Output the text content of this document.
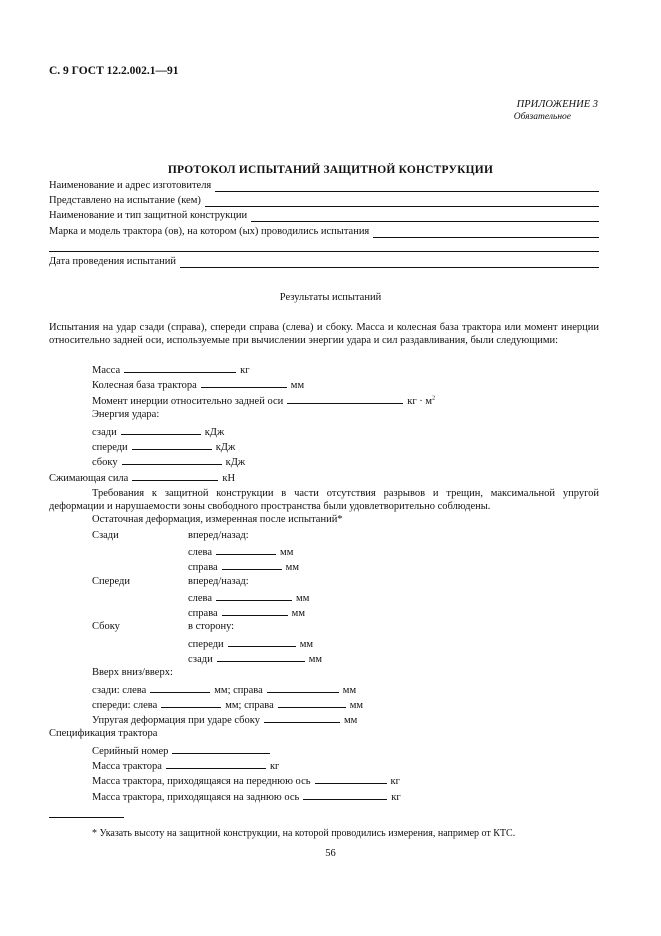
С. 9 ГОСТ 12.2.002.1—91
ПРИЛОЖЕНИЕ 3
Обязательное
ПРОТОКОЛ ИСПЫТАНИЙ ЗАЩИТНОЙ КОНСТРУКЦИИ
Наименование и адрес изготовителя
Представлено на испытание (кем)
Наименование и тип защитной конструкции
Марка и модель трактора (ов), на котором (ых) проводились испытания
Дата проведения испытаний
Результаты испытаний
Испытания на удар сзади (справа), спереди справа (слева) и сбоку. Масса и колесная база трактора или момент инерции относительно задней оси, используемые при вычислении энергии удара и сил раздавливания, были следующими:
Масса	кг
Колесная база трактора	мм
Момент инерции относительно задней оси	кг · $м^2$
Энергия удара:
сзади	кДж
спереди	кДж
сбоку	кДж
Сжимающая сила	кН
Требования к защитной конструкции в части отсутствия разрывов и трещин, максимальной упругой деформации и нарушаемости зоны свободного пространства были удовлетворительно соблюдены.
Остаточная деформация, измеренная после испытаний*
Сзади	вперед/назад:
слева	мм
справа	мм
Спереди	вперед/назад:
слева	мм
справа	мм
Сбоку	в сторону:
спереди	мм
сзади	мм
Вверх вниз/вверх:
сзади: слева	мм; справа	мм
спереди: слева	мм; справа	мм
Упругая деформация при ударе сбоку	мм
Спецификация трактора
Серийный номер
Масса трактора	кг
Масса трактора, приходящаяся на переднюю ось	кг
Масса трактора, приходящаяся на заднюю ось	кг
* Указать высоту на защитной конструкции, на которой проводились измерения, например от КТС.
56
